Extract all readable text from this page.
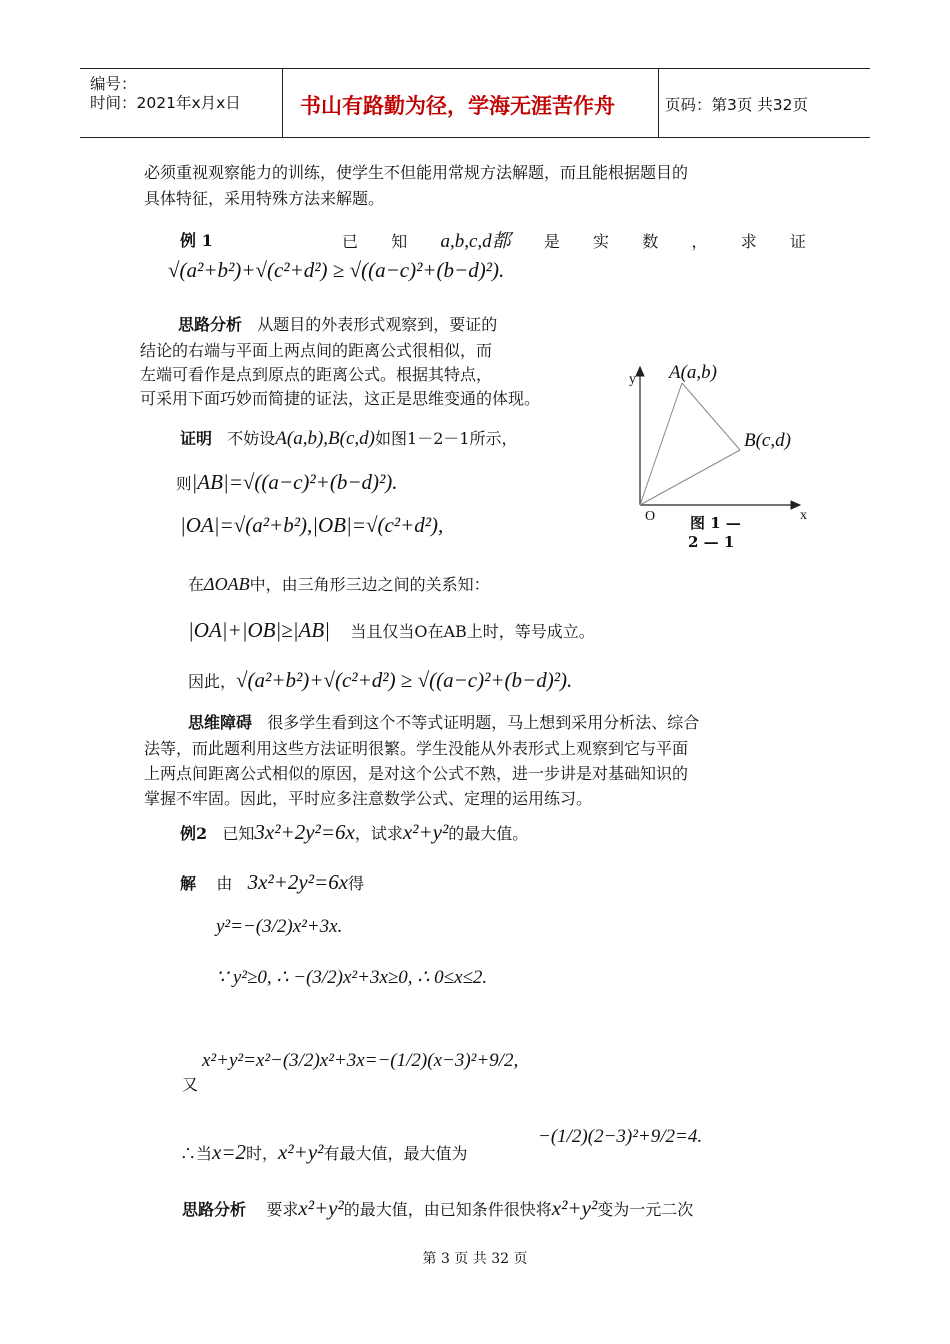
编号：
时间：2021年x月x日	书山有路勤为径，学海无涯苦作舟	页码：第3页 共32页
必须重视观察能力的训练，使学生不但能用常规方法解题，而且能根据题目的
具体特征，采用特殊方法来解题。
例 1	已 知 a,b,c,d都 是 实 数 ， 求 证
√(a²+b²)+√(c²+d²) ≥ √((a−c)²+(b−d)²).
思路分析 从题目的外表形式观察到，要证的
结论的右端与平面上两点间的距离公式很相似，而
左端可看作是点到原点的距离公式。根据其特点，
可采用下面巧妙而简捷的证法，这正是思维变通的体现。
A(a,b)
B(c,d)
y
O	x
图 1 —
2 — 1
证明 不妨设A(a,b),B(c,d)如图1－2－1所示，
则|AB|=√((a−c)²+(b−d)²).
|OA|=√(a²+b²),|OB|=√(c²+d²),
在ΔOAB中，由三角形三边之间的关系知：
|OA|+|OB|≥|AB| 当且仅当O在AB上时，等号成立。
因此，√(a²+b²)+√(c²+d²) ≥ √((a−c)²+(b−d)²).
思维障碍 很多学生看到这个不等式证明题，马上想到采用分析法、综合
法等，而此题利用这些方法证明很繁。学生没能从外表形式上观察到它与平面
上两点间距离公式相似的原因，是对这个公式不熟，进一步讲是对基础知识的
掌握不牢固。因此，平时应多注意数学公式、定理的运用练习。
例2 已知3x²+2y²=6x，试求x²+y²的最大值。
解 由 3x²+2y²=6x得
y²=−(3/2)x²+3x.
∵ y²≥0, ∴ −(3/2)x²+3x≥0, ∴ 0≤x≤2.
又
x²+y²=x²−(3/2)x²+3x=−(1/2)(x−3)²+9/2,
∴当x=2时，x²+y²有最大值，最大值为
−(1/2)(2−3)²+9/2=4.
思路分析 要求x²+y²的最大值，由已知条件很快将x²+y²变为一元二次
第 3 页 共 32 页
